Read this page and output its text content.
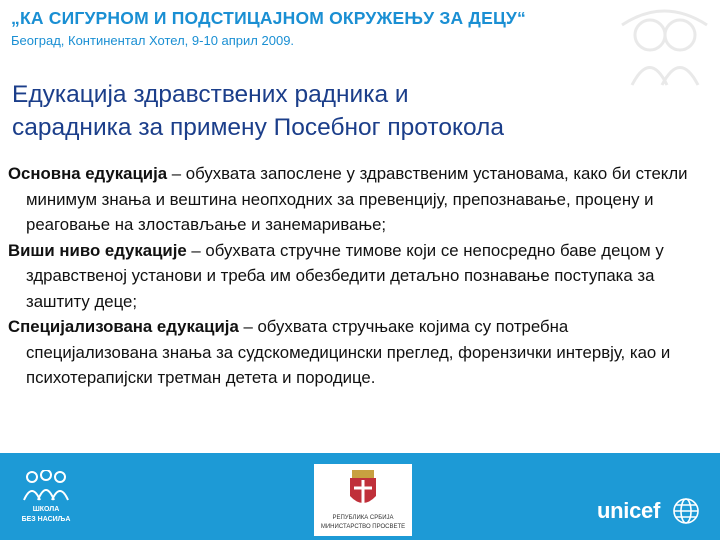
„КА СИГУРНОМ И ПОДСТИЦАЈНОМ ОКРУЖЕЊУ ЗА ДЕЦУ“
Београд, Континентал Хотел, 9-10 април 2009.
Едукација здравствених радника и
сарадника за примену Посебног протокола

Основна едукација – обухвата запослене у здравственим установама, како би стекли минимум знања и вештина неопходних за превенцију, препознавање, процену и реаговање на злостављање и занемаривање;

Виши ниво едукације – обухвата стручне тимове који се непосредно баве децом у здравственој установи и треба им обезбедити детаљно познавање поступака за заштиту деце;

Специјализована едукација – обухвата стручњаке којима су потребна специјализована знања за судскомедицински преглед, форензички интервју, као и психотерапијски третман детета и породице.

ШКОЛА
БЕЗ НАСИЉА	РЕПУБЛИКА СРБИЈА
МИНИСТАРСТВО ПРОСВЕТЕ
unicef
